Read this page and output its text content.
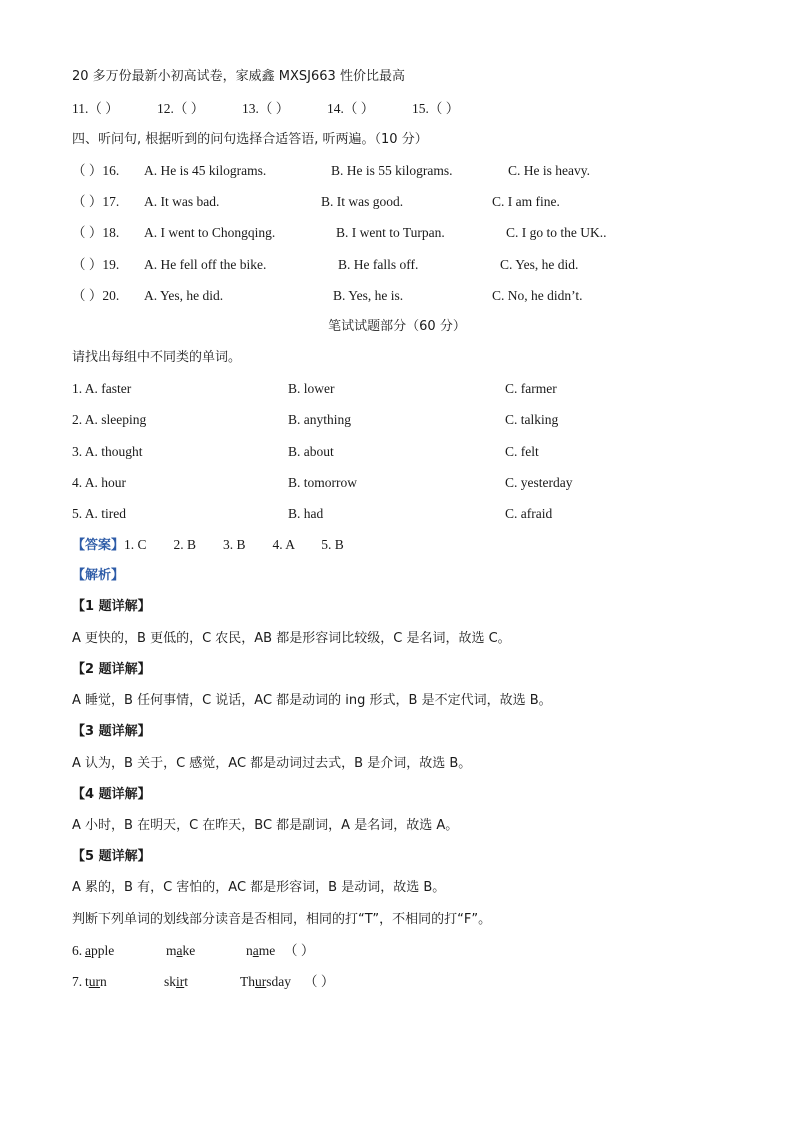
20 多万份最新小初高试卷，家威鑫 MXSJ663 性价比最高
11.（ ）	12.（ ）	13.（ ）	14.（ ）	15.（ ）
四、听问句, 根据听到的问句选择合适答语, 听两遍。（10 分）
（ ）16. A. He is 45 kilograms.	B. He is 55 kilograms.	C. He is heavy.
（ ）17. A. It was bad.	B. It was good.	C. I am fine.
（ ）18. A. I went to Chongqing.	B. I went to Turpan.	C. I go to the UK..
（ ）19. A. He fell off the bike.	B. He falls off.	C. Yes, he did.
（ ）20. A. Yes, he did.	B. Yes, he is.	C. No, he didn’t.
笔试试题部分（60 分）
请找出每组中不同类的单词。
1. A. faster	B. lower	C. farmer
2. A. sleeping	B. anything	C. talking
3. A. thought	B. about	C. felt
4. A. hour	B. tomorrow	C. yesterday
5. A. tired	B. had	C. afraid
【答案】1. C        2. B        3. B        4. A        5. B
【解析】
【1 题详解】
A 更快的，B 更低的，C 农民，AB 都是形容词比较级，C 是名词，故选 C。
【2 题详解】
A 睡觉，B 任何事情，C 说话，AC 都是动词的 ing 形式，B 是不定代词，故选 B。
【3 题详解】
A 认为，B 关于，C 感觉，AC 都是动词过去式，B 是介词，故选 B。
【4 题详解】
A 小时，B 在明天，C 在昨天，BC 都是副词，A 是名词，故选 A。
【5 题详解】
A 累的，B 有，C 害怕的，AC 都是形容词，B 是动词，故选 B。
判断下列单词的划线部分读音是否相同，相同的打“T”，不相同的打“F”。
6. apple	make	name （ ）
7. turn	skirt	Thursday （ ）
